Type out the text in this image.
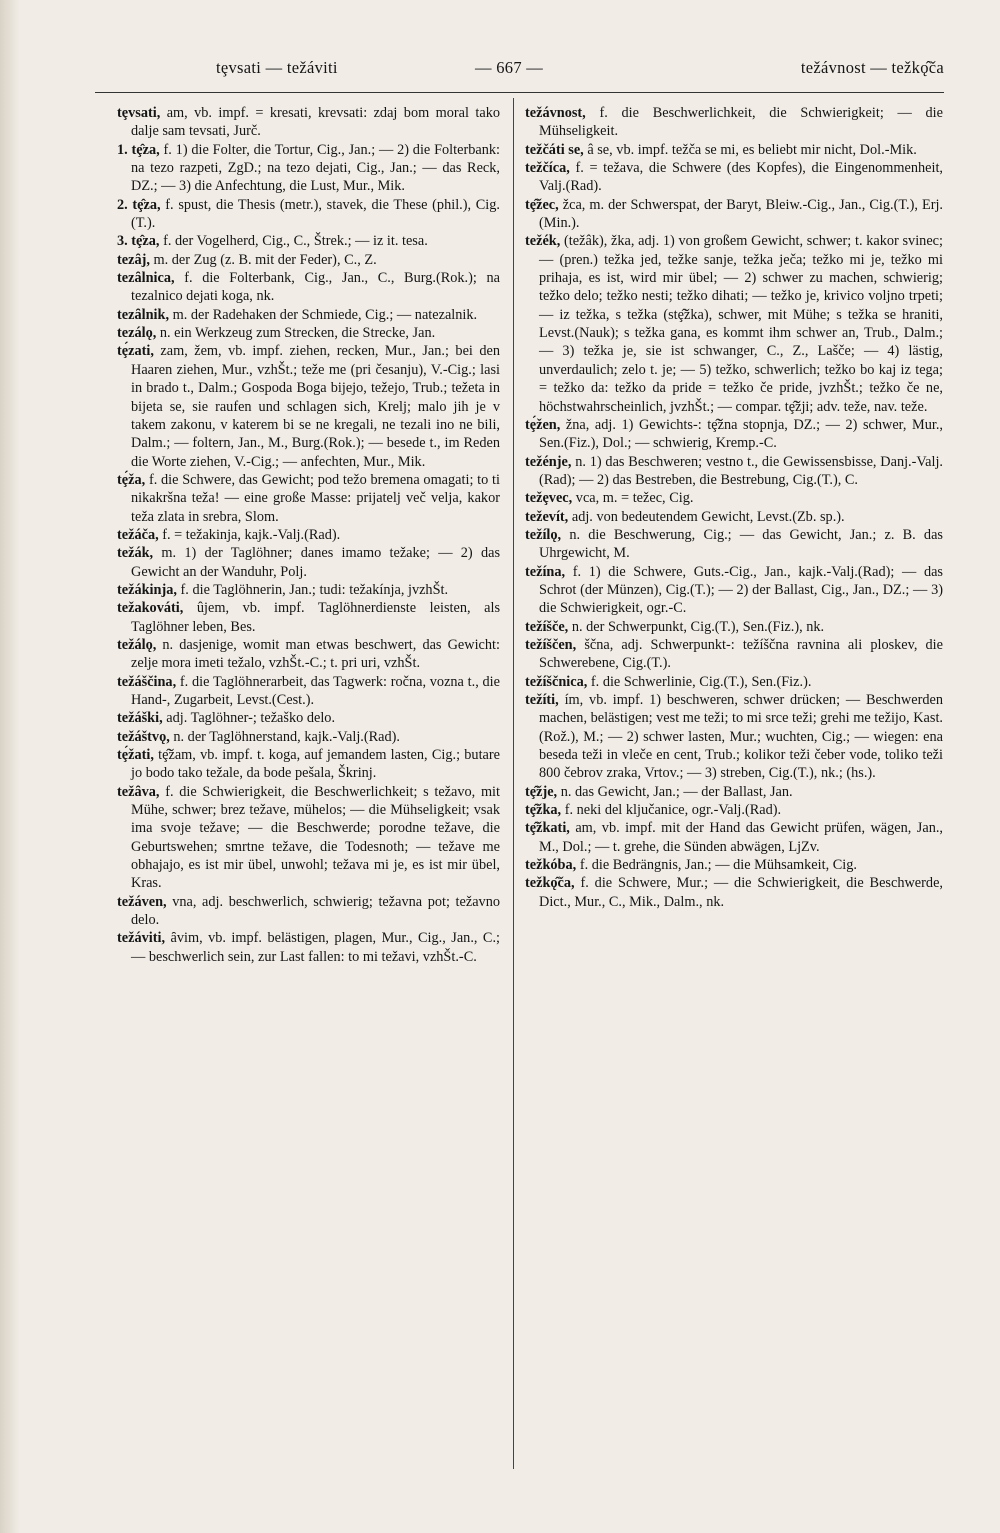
tȩvsati — težáviti	— 667 —	težávnost — težkǫ̂ča

tȩvsati, am, vb. impf. = kresati, krevsati: zdaj bom moral tako dalje sam tevsati, Jurč.

1. tȩ̂za, f. 1) die Folter, die Tortur, Cig., Jan.; — 2) die Folterbank: na tezo razpeti, ZgD.; na tezo dejati, Cig., Jan.; — das Reck, DZ.; — 3) die Anfechtung, die Lust, Mur., Mik.

2. tȩ̂za, f. spust, die Thesis (metr.), stavek, die These (phil.), Cig.(T.).

3. tȩ̂za, f. der Vogelherd, Cig., C., Štrek.; — iz it. tesa.

tezȃj, m. der Zug (z. B. mit der Feder), C., Z.

tezȃlnica, f. die Folterbank, Cig., Jan., C., Burg.(Rok.); na tezalnico dejati koga, nk.

tezȃlnik, m. der Radehaken der Schmiede, Cig.; — natezalnik.

tezálǫ, n. ein Werkzeug zum Strecken, die Strecke, Jan.

tȩ́zati, zam, žem, vb. impf. ziehen, recken, Mur., Jan.; bei den Haaren ziehen, Mur., vzhŠt.; teže me (pri česanju), V.-Cig.; lasi in brado t., Dalm.; Gospoda Boga bijejo, težejo, Trub.; težeta in bijeta se, sie raufen und schlagen sich, Krelj; malo jih je v takem zakonu, v katerem bi se ne kregali, ne tezali ino ne bili, Dalm.; — foltern, Jan., M., Burg.(Rok.); — besede t., im Reden die Worte ziehen, V.-Cig.; — anfechten, Mur., Mik.

tȩ́ža, f. die Schwere, das Gewicht; pod težo bremena omagati; to ti nikakršna teža! — eine große Masse: prijatelj več velja, kakor teža zlata in srebra, Slom.

težáča, f. = težakinja, kajk.-Valj.(Rad).

težák, m. 1) der Taglöhner; danes imamo težake; — 2) das Gewicht an der Wanduhr, Polj.

težákinja, f. die Taglöhnerin, Jan.; tudi: težakínja, jvzhŠt.

težakováti, ûjem, vb. impf. Taglöhnerdienste leisten, als Taglöhner leben, Bes.

težálǫ, n. dasjenige, womit man etwas beschwert, das Gewicht: zelje mora imeti težalo, vzhŠt.-C.; t. pri uri, vzhŠt.

težáščina, f. die Taglöhnerarbeit, das Tagwerk: ročna, vozna t., die Hand-, Zugarbeit, Levst.(Cest.).

težáški, adj. Taglöhner-; težaško delo.

težáštvǫ, n. der Taglöhnerstand, kajk.-Valj.(Rad).

tȩ́žati, tȩ̂žam, vb. impf. t. koga, auf jemandem lasten, Cig.; butare jo bodo tako težale, da bode pešala, Škrinj.

težȃva, f. die Schwierigkeit, die Beschwerlichkeit; s težavo, mit Mühe, schwer; brez težave, mühelos; — die Mühseligkeit; vsak ima svoje težave; — die Beschwerde; porodne težave, die Geburtswehen; smrtne težave, die Todesnoth; — težave me obhajajo, es ist mir übel, unwohl; težava mi je, es ist mir übel, Kras.

težáven, vna, adj. beschwerlich, schwierig; težavna pot; težavno delo.

težáviti, ȃvim, vb. impf. belästigen, plagen, Mur., Cig., Jan., C.; — beschwerlich sein, zur Last fallen: to mi težavi, vzhŠt.-C.

težávnost, f. die Beschwerlichkeit, die Schwierigkeit; — die Mühseligkeit.

težčáti se, â se, vb. impf. težča se mi, es beliebt mir nicht, Dol.-Mik.

težčíca, f. = težava, die Schwere (des Kopfes), die Eingenommenheit, Valj.(Rad).

tȩ̂žec, žca, m. der Schwerspat, der Baryt, Bleiw.-Cig., Jan., Cig.(T.), Erj.(Min.).

težék, (težâk), žka, adj. 1) von großem Gewicht, schwer; t. kakor svinec; — (pren.) težka jed, težke sanje, težka ječa; težko mi je, težko mi prihaja, es ist, wird mir übel; — 2) schwer zu machen, schwierig; težko delo; težko nesti; težko dihati; — težko je, krivico voljno trpeti; — iz težka, s težka (stȩ̂žka), schwer, mit Mühe; s težka se hraniti, Levst.(Nauk); s težka gana, es kommt ihm schwer an, Trub., Dalm.; — 3) težka je, sie ist schwanger, C., Z., Lašče; — 4) lästig, unverdaulich; zelo t. je; — 5) težko, schwerlich; težko bo kaj iz tega; = težko da: težko da pride = težko če pride, jvzhŠt.; težko če ne, höchstwahrscheinlich, jvzhŠt.; — compar. tȩ̂žji; adv. teže, nav. teže.

tȩ́žen, žna, adj. 1) Gewichts-: tȩ̂žna stopnja, DZ.; — 2) schwer, Mur., Sen.(Fiz.), Dol.; — schwierig, Kremp.-C.

težénje, n. 1) das Beschweren; vestno t., die Gewissensbisse, Danj.-Valj.(Rad); — 2) das Bestreben, die Bestrebung, Cig.(T.), C.

težȩvec, vca, m. = težec, Cig.

teževít, adj. von bedeutendem Gewicht, Levst.(Zb. sp.).

težílǫ, n. die Beschwerung, Cig.; — das Gewicht, Jan.; z. B. das Uhrgewicht, M.

težína, f. 1) die Schwere, Guts.-Cig., Jan., kajk.-Valj.(Rad); — das Schrot (der Münzen), Cig.(T.); — 2) der Ballast, Cig., Jan., DZ.; — 3) die Schwierigkeit, ogr.-C.

težíšče, n. der Schwerpunkt, Cig.(T.), Sen.(Fiz.), nk.

težíščen, ščna, adj. Schwerpunkt-: težíščna ravnina ali ploskev, die Schwerebene, Cig.(T.).

težíščnica, f. die Schwerlinie, Cig.(T.), Sen.(Fiz.).

težíti, ím, vb. impf. 1) beschweren, schwer drücken; — Beschwerden machen, belästigen; vest me teži; to mi srce teži; grehi me težijo, Kast.(Rož.), M.; — 2) schwer lasten, Mur.; wuchten, Cig.; — wiegen: ena beseda teži in vleče en cent, Trub.; kolikor teži čeber vode, toliko teži 800 čebrov zraka, Vrtov.; — 3) streben, Cig.(T.), nk.; (hs.).

tȩ̂žje, n. das Gewicht, Jan.; — der Ballast, Jan.

tȩ̂žka, f. neki del ključanice, ogr.-Valj.(Rad).

tȩ̂žkati, am, vb. impf. mit der Hand das Gewicht prüfen, wägen, Jan., M., Dol.; — t. grehe, die Sünden abwägen, LjZv.

težkóba, f. die Bedrängnis, Jan.; — die Mühsamkeit, Cig.

težkǫ̂ča, f. die Schwere, Mur.; — die Schwierigkeit, die Beschwerde, Dict., Mur., C., Mik., Dalm., nk.
